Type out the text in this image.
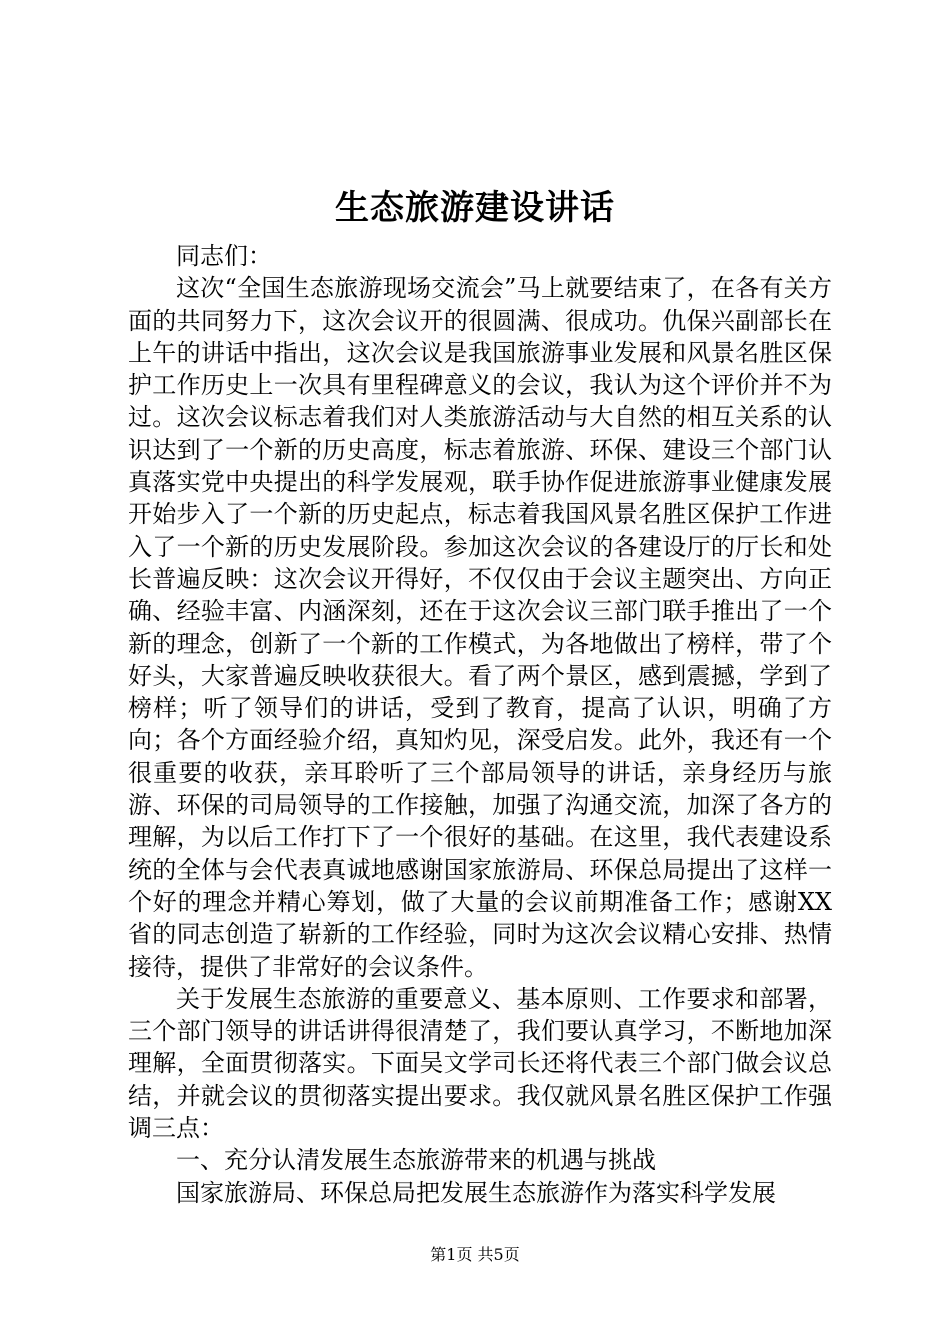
生态旅游建设讲话

同志们：

这次“全国生态旅游现场交流会”马上就要结束了，在各有关方面的共同努力下，这次会议开的很圆满、很成功。仇保兴副部长在上午的讲话中指出，这次会议是我国旅游事业发展和风景名胜区保护工作历史上一次具有里程碑意义的会议，我认为这个评价并不为过。这次会议标志着我们对人类旅游活动与大自然的相互关系的认识达到了一个新的历史高度，标志着旅游、环保、建设三个部门认真落实党中央提出的科学发展观，联手协作促进旅游事业健康发展开始步入了一个新的历史起点，标志着我国风景名胜区保护工作进入了一个新的历史发展阶段。参加这次会议的各建设厅的厅长和处长普遍反映：这次会议开得好，不仅仅由于会议主题突出、方向正确、经验丰富、内涵深刻，还在于这次会议三部门联手推出了一个新的理念，创新了一个新的工作模式，为各地做出了榜样，带了个好头，大家普遍反映收获很大。看了两个景区，感到震撼，学到了榜样；听了领导们的讲话，受到了教育，提高了认识，明确了方向；各个方面经验介绍，真知灼见，深受启发。此外，我还有一个很重要的收获，亲耳聆听了三个部局领导的讲话，亲身经历与旅游、环保的司局领导的工作接触，加强了沟通交流，加深了各方的理解，为以后工作打下了一个很好的基础。在这里，我代表建设系统的全体与会代表真诚地感谢国家旅游局、环保总局提出了这样一个好的理念并精心筹划，做了大量的会议前期准备工作；感谢XX省的同志创造了崭新的工作经验，同时为这次会议精心安排、热情接待，提供了非常好的会议条件。

关于发展生态旅游的重要意义、基本原则、工作要求和部署，三个部门领导的讲话讲得很清楚了，我们要认真学习，不断地加深理解，全面贯彻落实。下面吴文学司长还将代表三个部门做会议总结，并就会议的贯彻落实提出要求。我仅就风景名胜区保护工作强调三点：

一、充分认清发展生态旅游带来的机遇与挑战

国家旅游局、环保总局把发展生态旅游作为落实科学发展

第1页 共5页
